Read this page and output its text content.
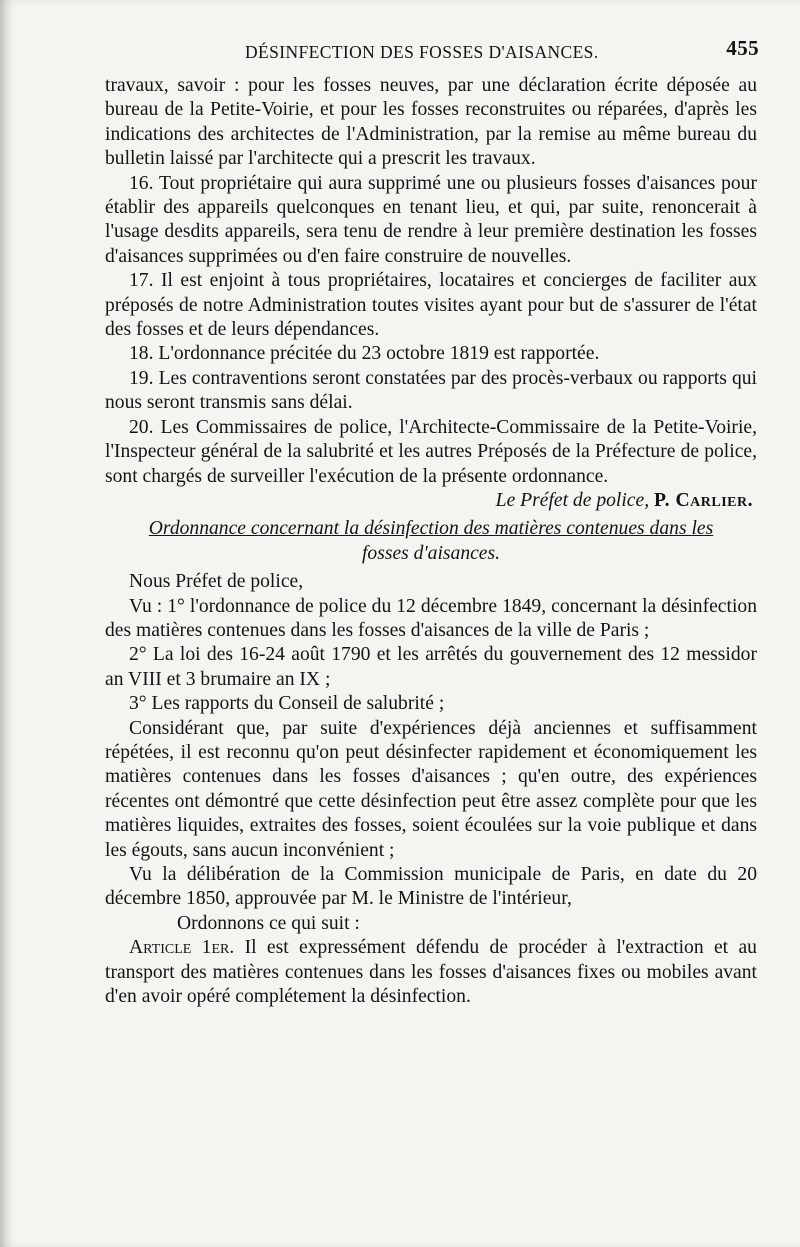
DÉSINFECTION DES FOSSES D'AISANCES.	455

travaux, savoir : pour les fosses neuves, par une déclaration écrite déposée au bureau de la Petite-Voirie, et pour les fosses reconstruites ou réparées, d'après les indications des architectes de l'Administration, par la remise au même bureau du bulletin laissé par l'architecte qui a prescrit les travaux.

16. Tout propriétaire qui aura supprimé une ou plusieurs fosses d'aisances pour établir des appareils quelconques en tenant lieu, et qui, par suite, renoncerait à l'usage desdits appareils, sera tenu de rendre à leur première destination les fosses d'aisances supprimées ou d'en faire construire de nouvelles.

17. Il est enjoint à tous propriétaires, locataires et concierges de faciliter aux préposés de notre Administration toutes visites ayant pour but de s'assurer de l'état des fosses et de leurs dépendances.

18. L'ordonnance précitée du 23 octobre 1819 est rapportée.

19. Les contraventions seront constatées par des procès-verbaux ou rapports qui nous seront transmis sans délai.

20. Les Commissaires de police, l'Architecte-Commissaire de la Petite-Voirie, l'Inspecteur général de la salubrité et les autres Préposés de la Préfecture de police, sont chargés de surveiller l'exécution de la présente ordonnance.

Le Préfet de police, P. Carlier.

Ordonnance concernant la désinfection des matières contenues dans les
fosses d'aisances.

Nous Préfet de police,

Vu : 1° l'ordonnance de police du 12 décembre 1849, concernant la désinfection des matières contenues dans les fosses d'aisances de la ville de Paris ;

2° La loi des 16-24 août 1790 et les arrêtés du gouvernement des 12 messidor an VIII et 3 brumaire an IX ;

3° Les rapports du Conseil de salubrité ;

Considérant que, par suite d'expériences déjà anciennes et suffisamment répétées, il est reconnu qu'on peut désinfecter rapidement et économiquement les matières contenues dans les fosses d'aisances ; qu'en outre, des expériences récentes ont démontré que cette désinfection peut être assez complète pour que les matières liquides, extraites des fosses, soient écoulées sur la voie publique et dans les égouts, sans aucun inconvénient ;

Vu la délibération de la Commission municipale de Paris, en date du 20 décembre 1850, approuvée par M. le Ministre de l'intérieur,

Ordonnons ce qui suit :

Article 1er. Il est expressément défendu de procéder à l'extraction et au transport des matières contenues dans les fosses d'aisances fixes ou mobiles avant d'en avoir opéré complétement la désinfection.
